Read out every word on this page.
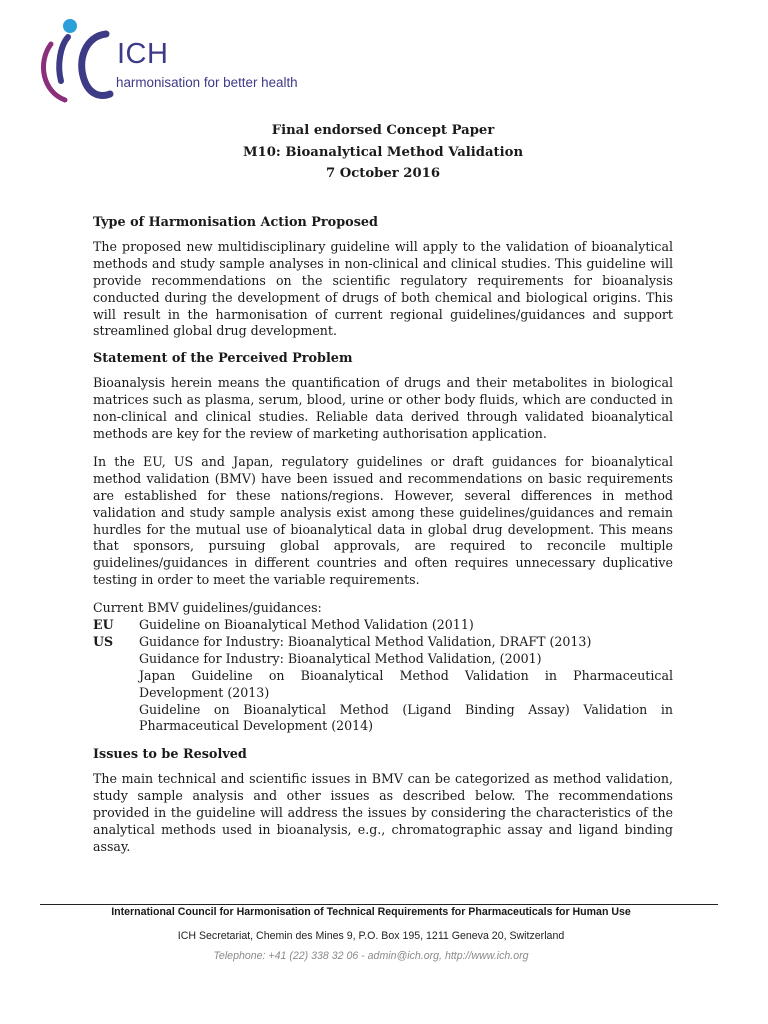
ICH

harmonisation for better health

Final endorsed Concept Paper

M10: Bioanalytical Method Validation

7 October 2016

Type of Harmonisation Action Proposed

The proposed new multidisciplinary guideline will apply to the validation of bioanalytical methods and study sample analyses in non-clinical and clinical studies. This guideline will provide recommendations on the scientific regulatory requirements for bioanalysis conducted during the development of drugs of both chemical and biological origins. This will result in the harmonisation of current regional guidelines/guidances and support streamlined global drug development.

Statement of the Perceived Problem

Bioanalysis herein means the quantification of drugs and their metabolites in biological matrices such as plasma, serum, blood, urine or other body fluids, which are conducted in non-clinical and clinical studies. Reliable data derived through validated bioanalytical methods are key for the review of marketing authorisation application.

In the EU, US and Japan, regulatory guidelines or draft guidances for bioanalytical method validation (BMV) have been issued and recommendations on basic requirements are established for these nations/regions. However, several differences in method validation and study sample analysis exist among these guidelines/guidances and remain hurdles for the mutual use of bioanalytical data in global drug development. This means that sponsors, pursuing global approvals, are required to reconcile multiple guidelines/guidances in different countries and often requires unnecessary duplicative testing in order to meet the variable requirements.

Current BMV guidelines/guidances:
EU	Guideline on Bioanalytical Method Validation (2011)
US	Guidance for Industry: Bioanalytical Method Validation, DRAFT (2013)
Guidance for Industry: Bioanalytical Method Validation, (2001)
Japan Guideline on Bioanalytical Method Validation in Pharmaceutical Development (2013)
Guideline on Bioanalytical Method (Ligand Binding Assay) Validation in Pharmaceutical Development (2014)
Issues to be Resolved

The main technical and scientific issues in BMV can be categorized as method validation, study sample analysis and other issues as described below. The recommendations provided in the guideline will address the issues by considering the characteristics of the analytical methods used in bioanalysis, e.g., chromatographic assay and ligand binding assay.

International Council for Harmonisation of Technical Requirements for Pharmaceuticals for Human Use

ICH Secretariat, Chemin des Mines 9, P.O. Box 195, 1211 Geneva 20, Switzerland

Telephone: +41 (22) 338 32 06 - admin@ich.org, http://www.ich.org
